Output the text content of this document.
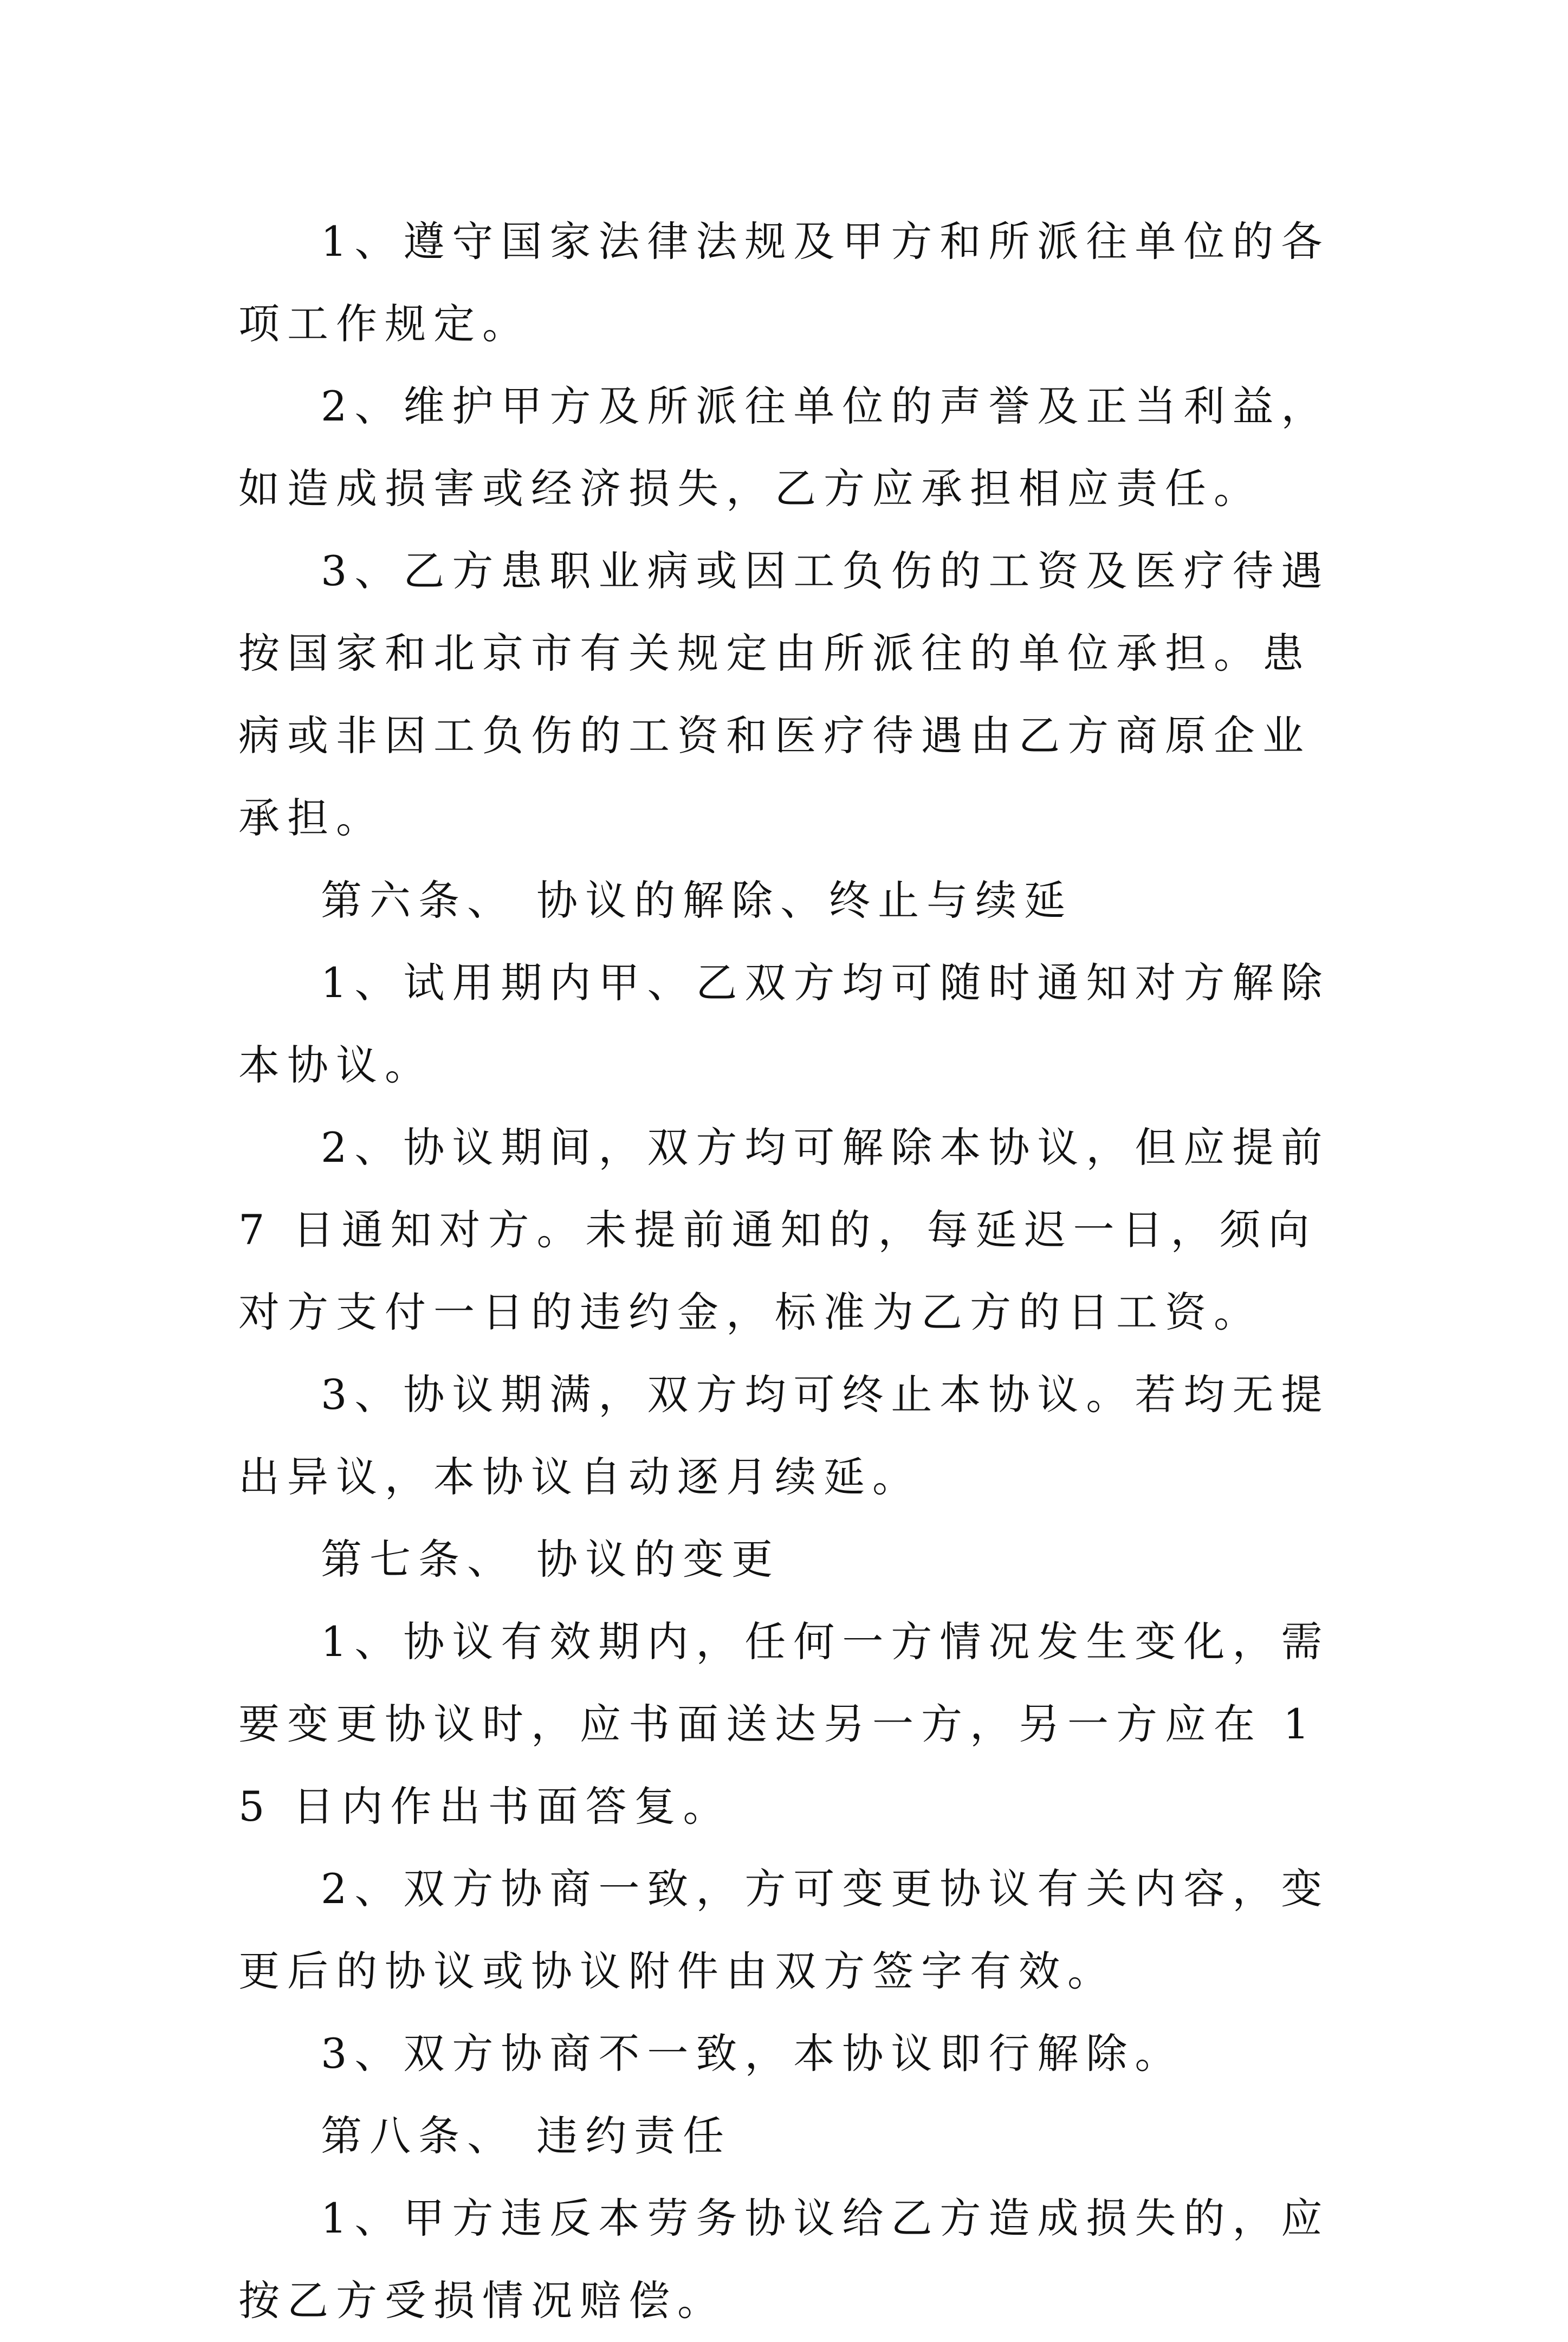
1、遵守国家法律法规及甲方和所派往单位的各项工作规定。

2、维护甲方及所派往单位的声誉及正当利益，如造成损害或经济损失，乙方应承担相应责任。

3、乙方患职业病或因工负伤的工资及医疗待遇按国家和北京市有关规定由所派往的单位承担。患病或非因工负伤的工资和医疗待遇由乙方商原企业承担。

第六条、 协议的解除、终止与续延

1、试用期内甲、乙双方均可随时通知对方解除本协议。

2、协议期间，双方均可解除本协议，但应提前 7 日通知对方。未提前通知的，每延迟一日，须向对方支付一日的违约金，标准为乙方的日工资。

3、协议期满，双方均可终止本协议。若均无提出异议，本协议自动逐月续延。

第七条、 协议的变更

1、协议有效期内，任何一方情况发生变化，需要变更协议时，应书面送达另一方，另一方应在 15 日内作出书面答复。

2、双方协商一致，方可变更协议有关内容，变更后的协议或协议附件由双方签字有效。

3、双方协商不一致，本协议即行解除。

第八条、 违约责任

1、甲方违反本劳务协议给乙方造成损失的，应按乙方受损情况赔偿。
